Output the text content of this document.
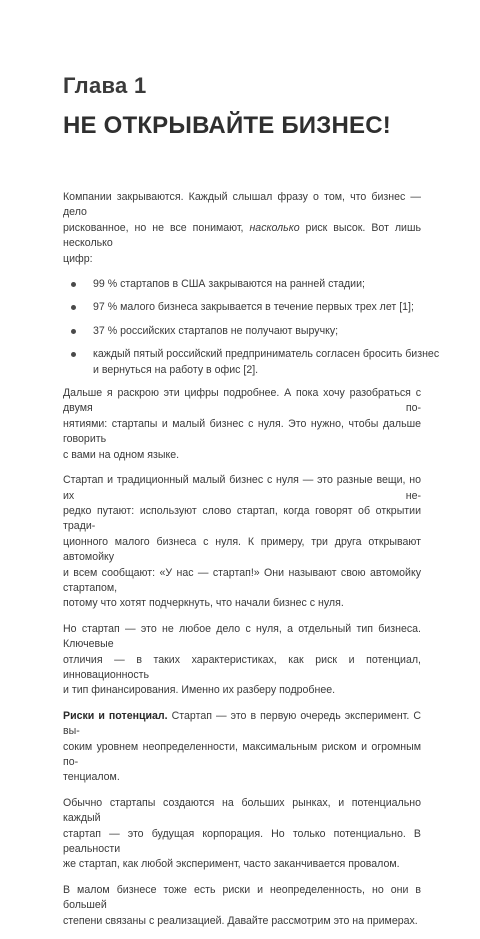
Глава 1
НЕ ОТКРЫВАЙТЕ БИЗНЕС!

Компании закрываются. Каждый слышал фразу о том, что бизнес — дело
рискованное, но не все понимают, насколько риск высок. Вот лишь несколько
цифр:

99 % стартапов в США закрываются на ранней стадии;
97 % малого бизнеса закрывается в течение первых трех лет [1];
37 % российских стартапов не получают выручку;
каждый пятый российский предприниматель согласен бросить бизнес
и вернуться на работу в офис [2].

Дальше я раскрою эти цифры подробнее. А пока хочу разобраться с двумя по-
нятиями: стартапы и малый бизнес с нуля. Это нужно, чтобы дальше говорить
с вами на одном языке.

Стартап и традиционный малый бизнес с нуля — это разные вещи, но их не-
редко путают: используют слово стартап, когда говорят об открытии тради-
ционного малого бизнеса с нуля. К примеру, три друга открывают автомойку
и всем сообщают: «У нас — стартап!» Они называют свою автомойку стартапом,
потому что хотят подчеркнуть, что начали бизнес с нуля.

Но стартап — это не любое дело с нуля, а отдельный тип бизнеса. Ключевые
отличия — в таких характеристиках, как риск и потенциал, инновационность
и тип финансирования. Именно их разберу подробнее.

Риски и потенциал. Стартап — это в первую очередь эксперимент. С вы-
соким уровнем неопределенности, максимальным риском и огромным по-
тенциалом.

Обычно стартапы создаются на больших рынках, и потенциально каждый
стартап — это будущая корпорация. Но только потенциально. В реальности
же стартап, как любой эксперимент, часто заканчивается провалом.

В малом бизнесе тоже есть риски и неопределенность, но они в большей
степени связаны с реализацией. Давайте рассмотрим это на примерах.
